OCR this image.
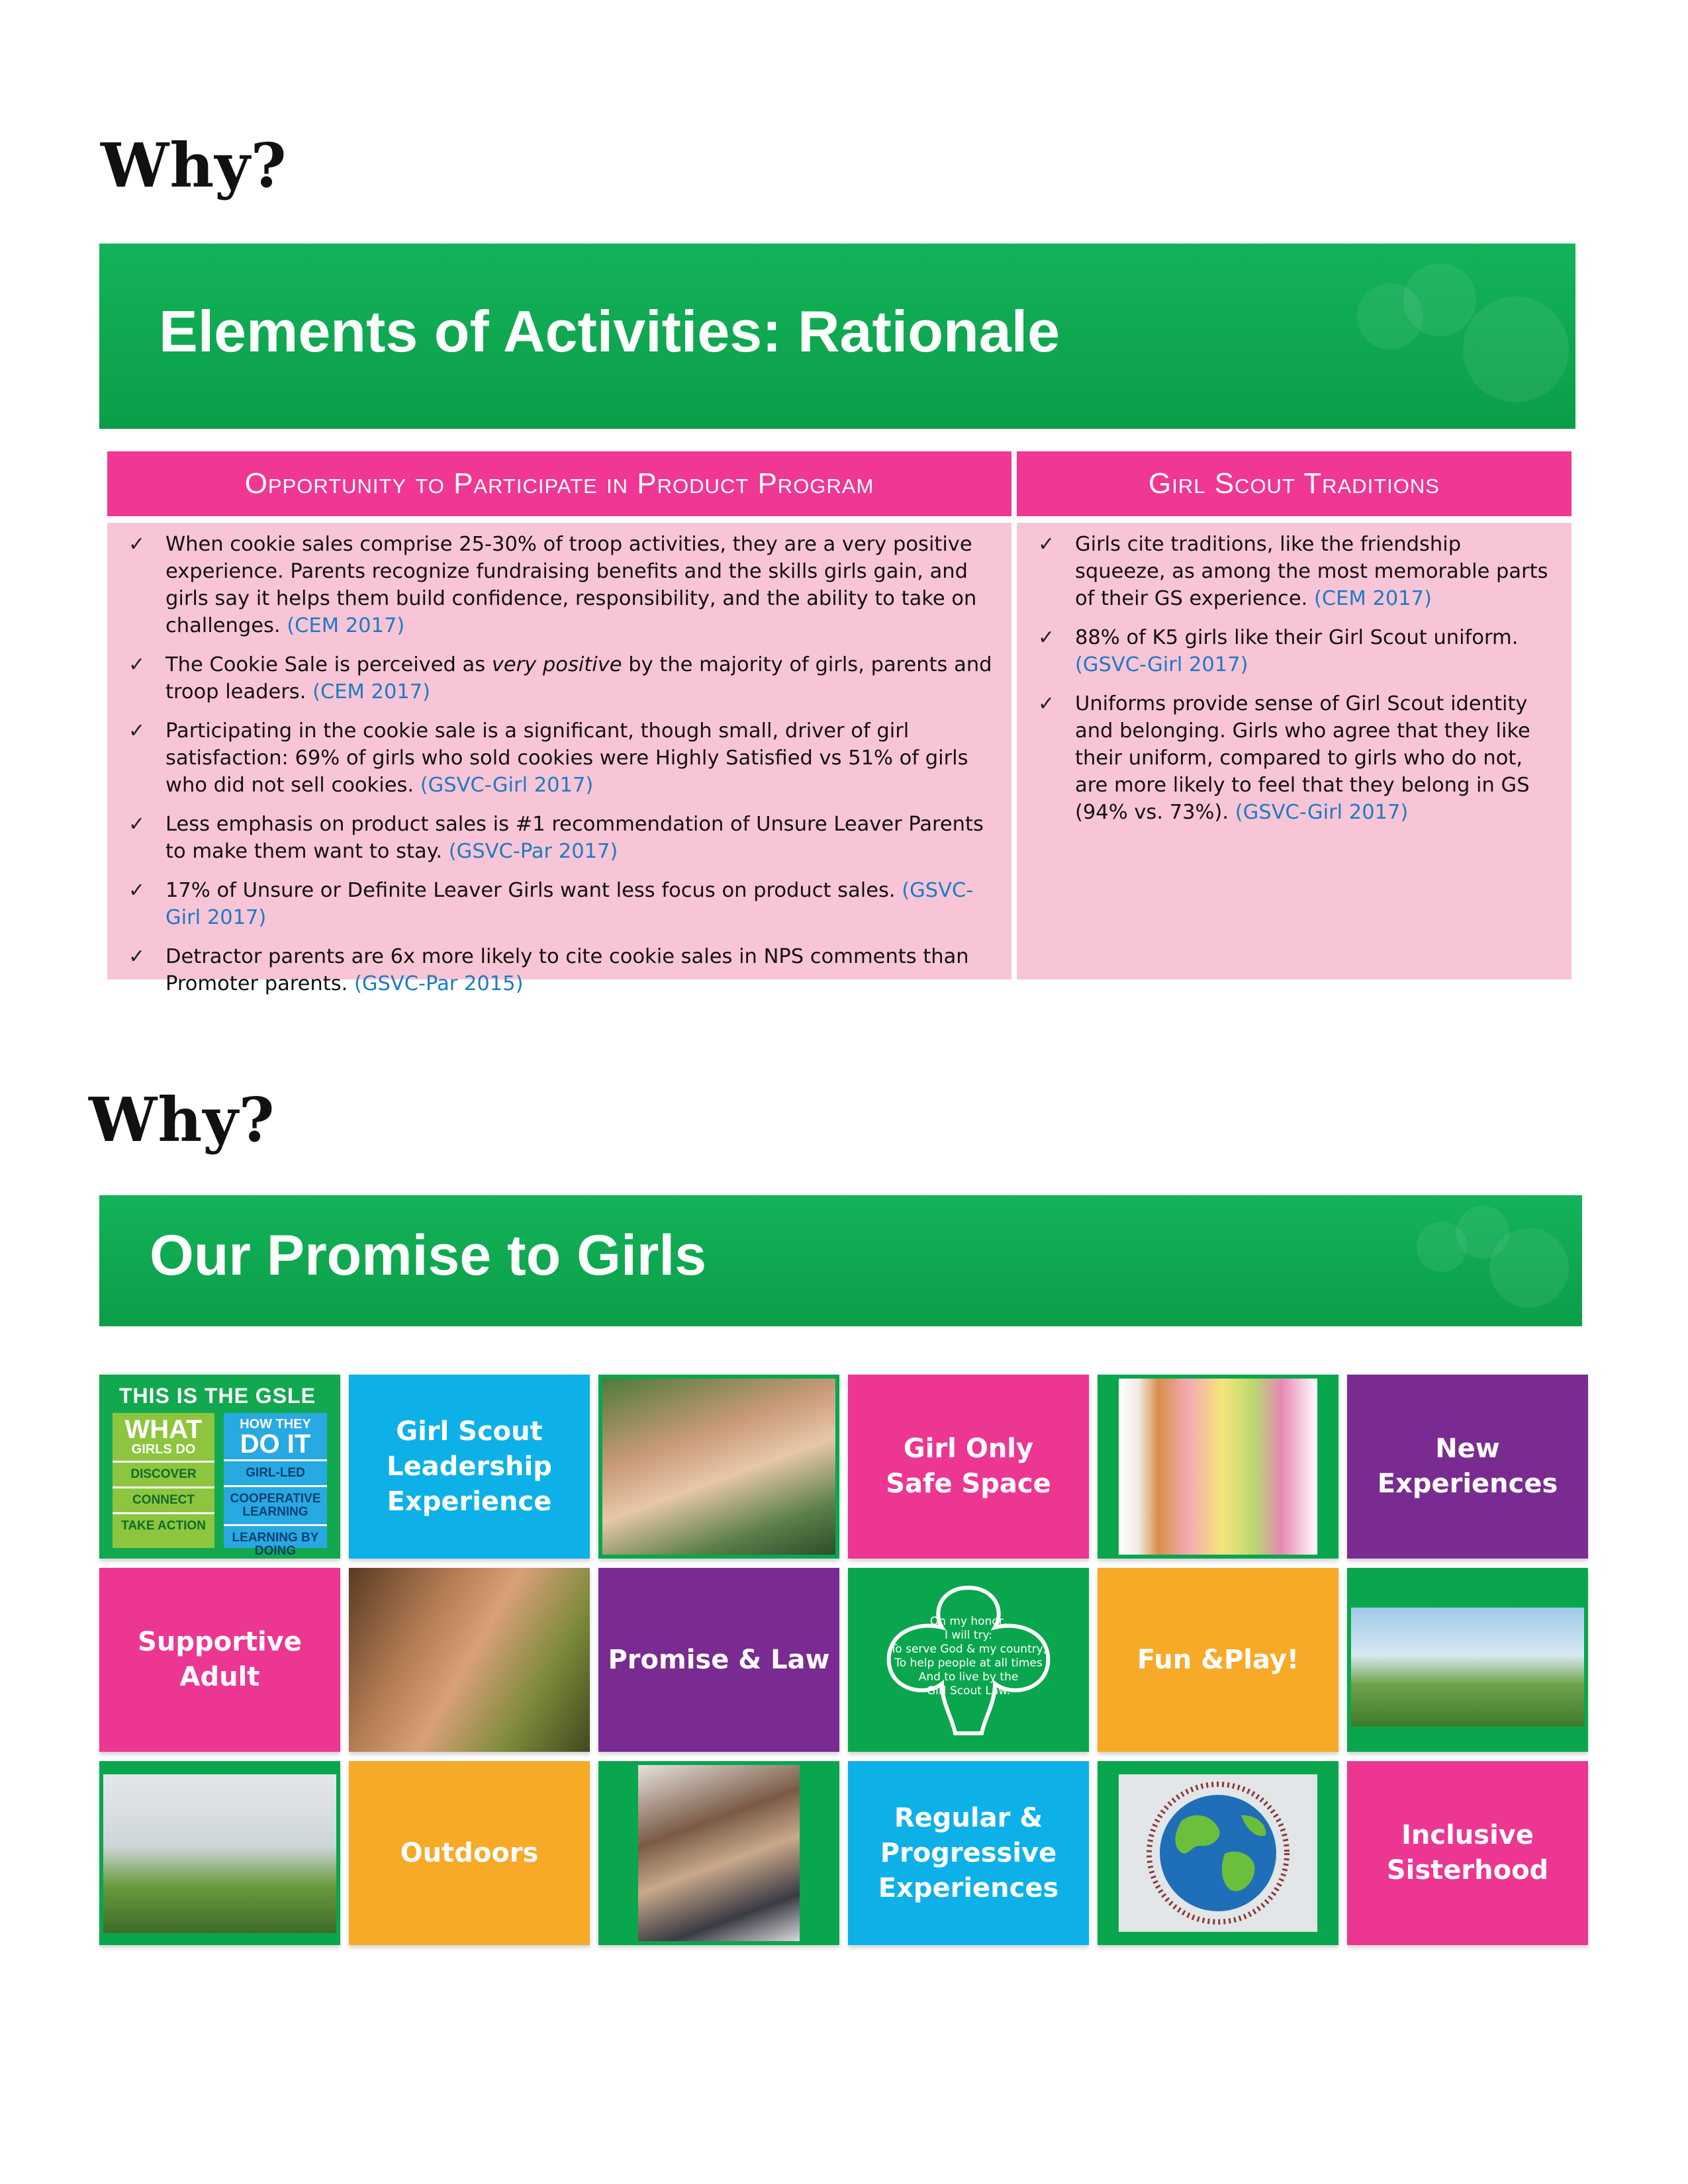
Why?
Elements of Activities: Rationale
Opportunity to Participate in Product Program	Girl Scout Traditions
✓	When cookie sales comprise 25-30% of troop activities, they are a very positive experience. Parents recognize fundraising benefits and the skills girls gain, and girls say it helps them build confidence, responsibility, and the ability to take on challenges. (CEM 2017)
✓	The Cookie Sale is perceived as very positive by the majority of girls, parents and troop leaders. (CEM 2017)
✓	Participating in the cookie sale is a significant, though small, driver of girl satisfaction: 69% of girls who sold cookies were Highly Satisfied vs 51% of girls who did not sell cookies. (GSVC-Girl 2017)
✓	Less emphasis on product sales is #1 recommendation of Unsure Leaver Parents to make them want to stay. (GSVC-Par 2017)
✓	17% of Unsure or Definite Leaver Girls want less focus on product sales. (GSVC-Girl 2017)
✓	Detractor parents are 6x more likely to cite cookie sales in NPS comments than Promoter parents. (GSVC-Par 2015)
✓	Girls cite traditions, like the friendship squeeze, as among the most memorable parts of their GS experience. (CEM 2017)
✓	88% of K5 girls like their Girl Scout uniform. (GSVC-Girl 2017)
✓	Uniforms provide sense of Girl Scout identity and belonging. Girls who agree that they like their uniform, compared to girls who do not, are more likely to feel that they belong in GS (94% vs. 73%). (GSVC-Girl 2017)
Why?
Our Promise to Girls
THIS IS THE GSLE
WHAT
GIRLS DO
DISCOVER
CONNECT
TAKE ACTION
HOW THEY
DO IT
GIRL-LED
COOPERATIVE LEARNING
LEARNING BY DOING
Girl Scout
Leadership
Experience
Girl Only
Safe Space
New
Experiences
Supportive
Adult
Promise & Law
On my honor,
I will try:
To serve God & my country,
To help people at all times
And to live by the
Girl Scout Law.
Fun &Play!
Outdoors
Regular &
Progressive
Experiences
Inclusive
Sisterhood
